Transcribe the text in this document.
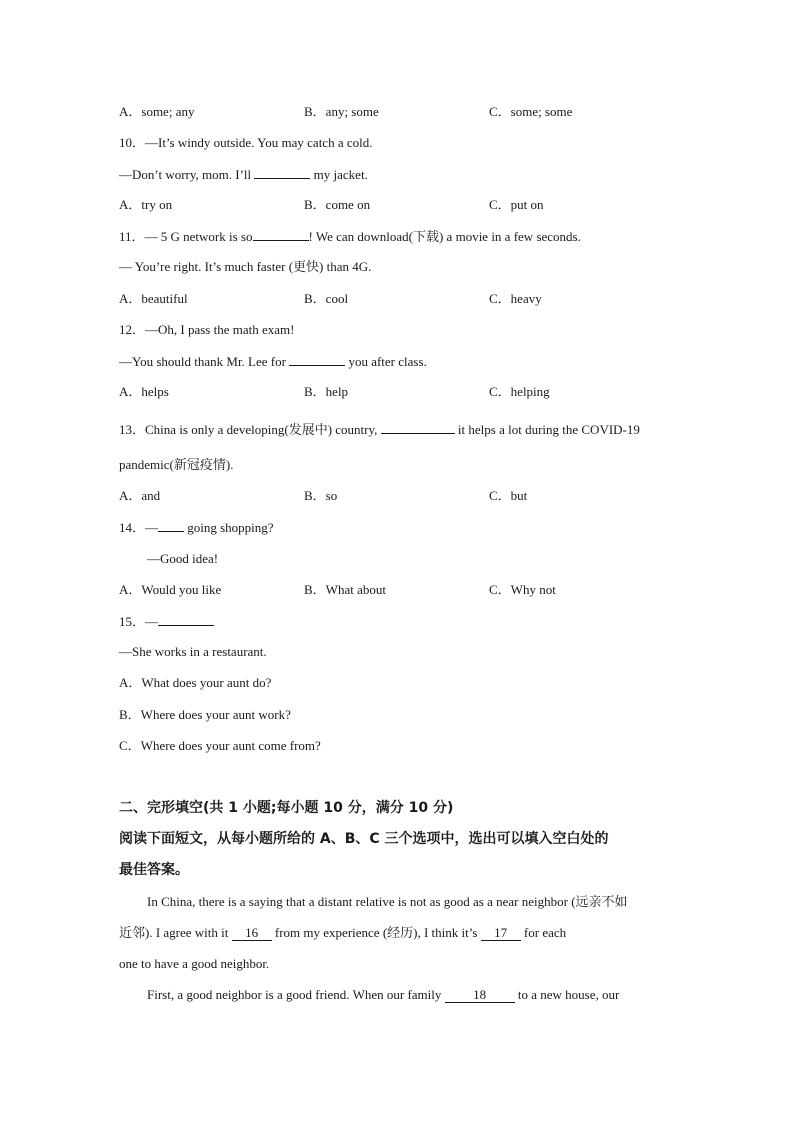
A．some; any	B．any; some	C．some; some
10．—It’s windy outside. You may catch a cold.
—Don’t worry, mom. I’ll	my jacket.
A．try on	B．come on	C．put on
11．— 5 G network is so	! We can download(下载) a movie in a few seconds.
— You’re right. It’s much faster (更快) than 4G.
A．beautiful	B．cool	C．heavy
12．—Oh, I pass the math exam!
—You should thank Mr. Lee for	you after class.
A．helps	B．help	C．helping
13．China is only a developing(发展中) country,	it helps a lot during the COVID-19
pandemic(新冠疫情).
A．and	B．so	C．but
14．— going shopping?
—Good idea!
A．Would you like	B．What about	C．Why not
15．—
—She works in a restaurant.
A．What does your aunt do?
B．Where does your aunt work?
C．Where does your aunt come from?
二、完形填空(共 1 小题;每小题 10 分，满分 10 分)
阅读下面短文，从每小题所给的 A、B、C 三个选项中，选出可以填入空白处的
最佳答案。
In China, there is a saying that a distant relative is not as good as a near neighbor (远亲不如
近邻). I agree with it 16 from my experience (经历), I think it’s 17 for each
one to have a good neighbor.
First, a good neighbor is a good friend. When our family 18 to a new house, our
